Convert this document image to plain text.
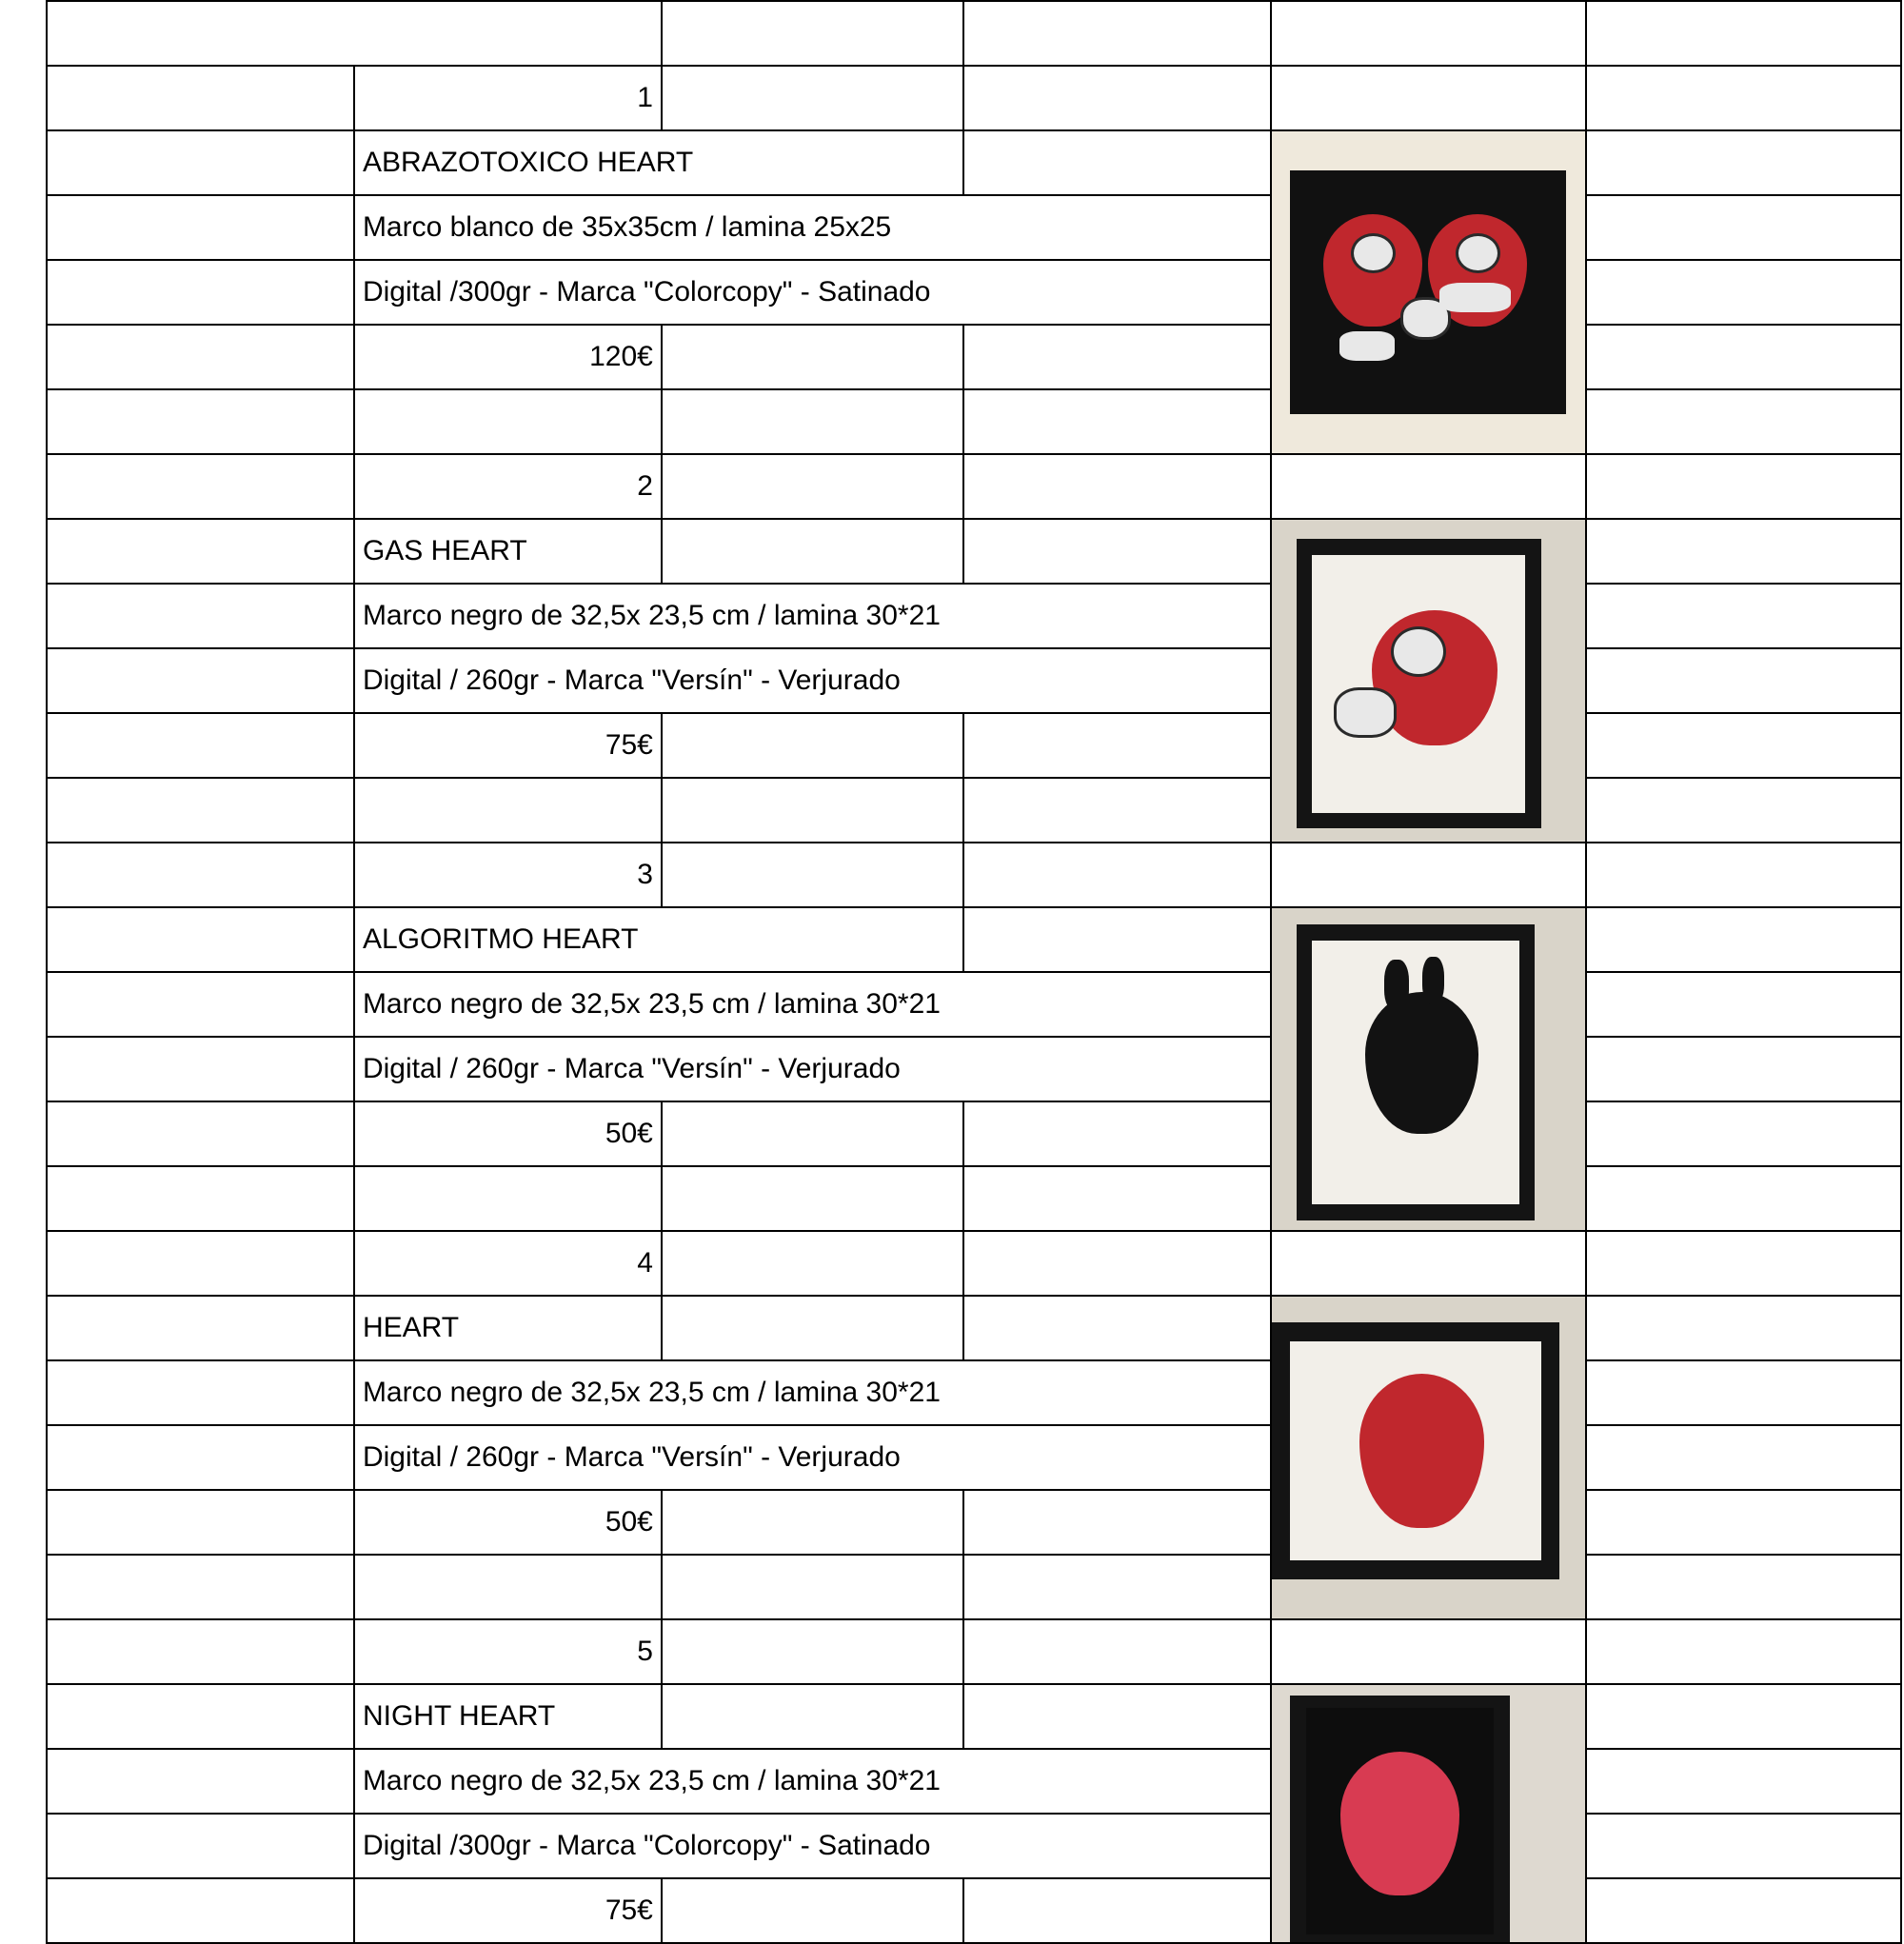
@artjtovi #arteria2					
	1				
Título	ABRAZOTOXICO HEART			

Tamaño	Marco blanco de 35x35cm / lamina 25x25				
Técnica	Digital /300gr - Marca "Colorcopy" - Satinado				
Precio	120€				
Texto (opcional)					
	2				
Título	GAS HEART			

Tamaño	Marco negro de 32,5x 23,5 cm / lamina 30*21				
Técnica	Digital / 260gr - Marca "Versín" - Verjurado				
Precio	75€				
Texto (opcional)					
	3				
Título	ALGORITMO HEART			

Tamaño	Marco negro de 32,5x 23,5 cm / lamina 30*21				
Técnica	Digital / 260gr - Marca "Versín" - Verjurado				
Precio	50€				
Texto (opcional)					
	4				
Título	HEART			

Tamaño	Marco negro de 32,5x 23,5 cm / lamina 30*21				
Técnica	Digital / 260gr - Marca "Versín" - Verjurado				
Precio	50€				
Texto (opcional)					
	5				
Título	NIGHT HEART			

Tamaño	Marco negro de 32,5x 23,5 cm / lamina 30*21				
Técnica	Digital /300gr - Marca "Colorcopy" - Satinado				
Precio	75€				
